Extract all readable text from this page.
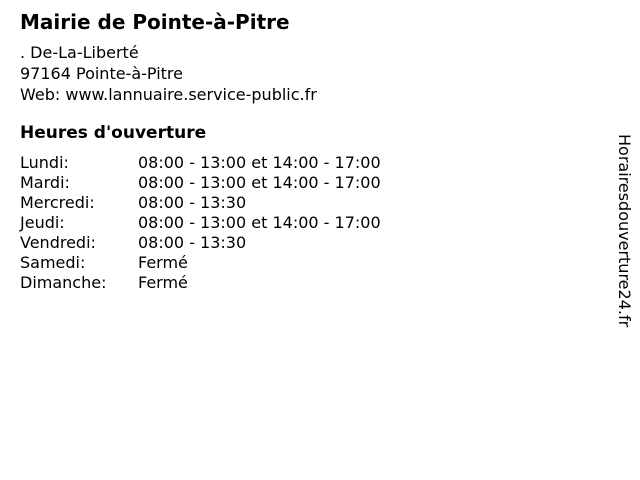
Mairie de Pointe-à-Pitre
. De-La-Liberté
97164 Pointe-à-Pitre
Web: www.lannuaire.service-public.fr
Heures d'ouverture
Lundi:	08:00 - 13:00 et 14:00 - 17:00
Mardi:	08:00 - 13:00 et 14:00 - 17:00
Mercredi:	08:00 - 13:30
Jeudi:	08:00 - 13:00 et 14:00 - 17:00
Vendredi:	08:00 - 13:30
Samedi:	Fermé
Dimanche:	Fermé	Horairesdouverture24.fr
